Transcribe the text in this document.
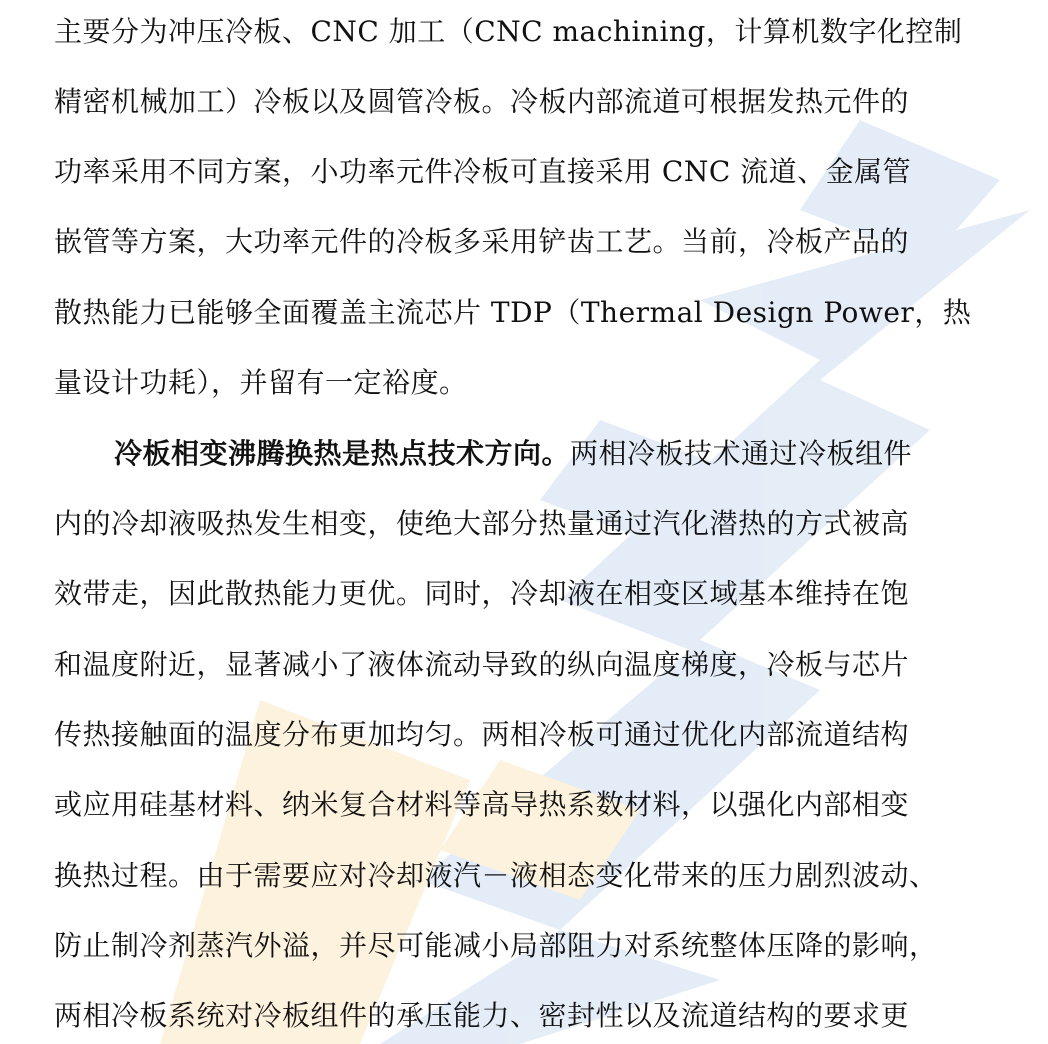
主要分为冲压冷板、CNC 加工（CNC machining，计算机数字化控制
精密机械加工）冷板以及圆管冷板。冷板内部流道可根据发热元件的
功率采用不同方案，小功率元件冷板可直接采用 CNC 流道、金属管
嵌管等方案，大功率元件的冷板多采用铲齿工艺。当前，冷板产品的
散热能力已能够全面覆盖主流芯片 TDP（Thermal Design Power，热
量设计功耗），并留有一定裕度。
冷板相变沸腾换热是热点技术方向。两相冷板技术通过冷板组件
内的冷却液吸热发生相变，使绝大部分热量通过汽化潜热的方式被高
效带走，因此散热能力更优。同时，冷却液在相变区域基本维持在饱
和温度附近，显著减小了液体流动导致的纵向温度梯度，冷板与芯片
传热接触面的温度分布更加均匀。两相冷板可通过优化内部流道结构
或应用硅基材料、纳米复合材料等高导热系数材料，以强化内部相变
换热过程。由于需要应对冷却液汽－液相态变化带来的压力剧烈波动、
防止制冷剂蒸汽外溢，并尽可能减小局部阻力对系统整体压降的影响，
两相冷板系统对冷板组件的承压能力、密封性以及流道结构的要求更
